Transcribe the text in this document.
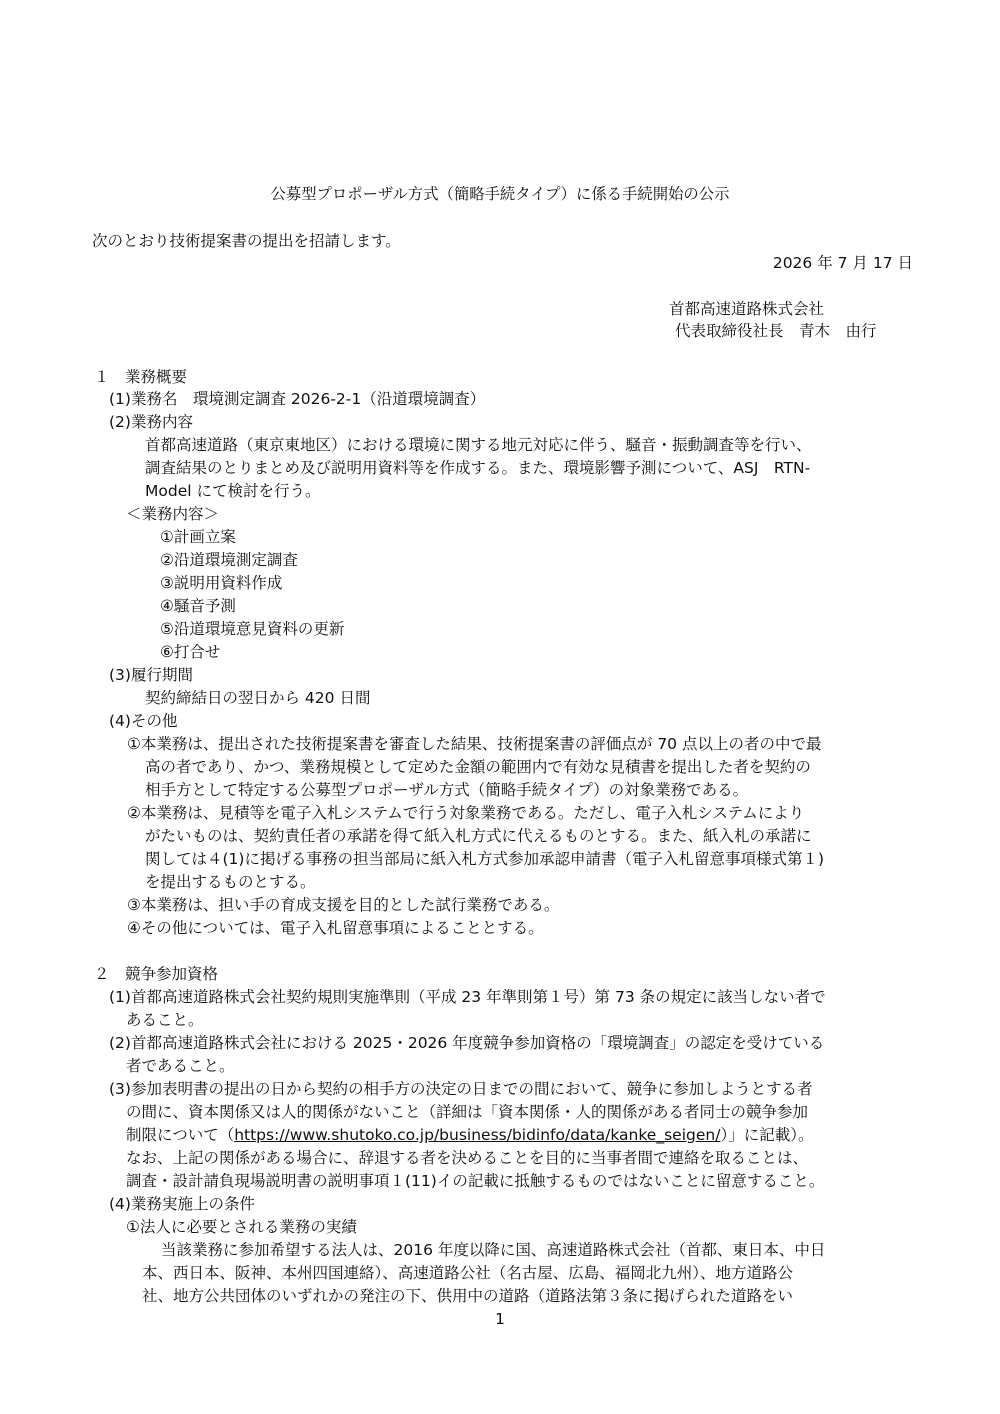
公募型プロポーザル方式（簡略手続タイプ）に係る手続開始の公示
次のとおり技術提案書の提出を招請します。
2026 年 7 月 17 日
首都高速道路株式会社
代表取締役社長　青木　由行
１　業務概要
(1)業務名　環境測定調査 2026-2-1（沿道環境調査）
(2)業務内容
首都高速道路（東京東地区）における環境に関する地元対応に伴う、騒音・振動調査等を行い、
調査結果のとりまとめ及び説明用資料等を作成する。また、環境影響予測について、ASJ　RTN-
Model にて検討を行う。
＜業務内容＞
①計画立案
②沿道環境測定調査
③説明用資料作成
④騒音予測
⑤沿道環境意見資料の更新
⑥打合せ
(3)履行期間
契約締結日の翌日から 420 日間
(4)その他
①本業務は、提出された技術提案書を審査した結果、技術提案書の評価点が 70 点以上の者の中で最
高の者であり、かつ、業務規模として定めた金額の範囲内で有効な見積書を提出した者を契約の
相手方として特定する公募型プロポーザル方式（簡略手続タイプ）の対象業務である。
②本業務は、見積等を電子入札システムで行う対象業務である。ただし、電子入札システムにより
がたいものは、契約責任者の承諾を得て紙入札方式に代えるものとする。また、紙入札の承諾に
関しては４(1)に掲げる事務の担当部局に紙入札方式参加承認申請書（電子入札留意事項様式第１)
を提出するものとする。
③本業務は、担い手の育成支援を目的とした試行業務である。
④その他については、電子入札留意事項によることとする。
２　競争参加資格
(1)首都高速道路株式会社契約規則実施準則（平成 23 年準則第１号）第 73 条の規定に該当しない者で
あること。
(2)首都高速道路株式会社における 2025・2026 年度競争参加資格の「環境調査」の認定を受けている
者であること。
(3)参加表明書の提出の日から契約の相手方の決定の日までの間において、競争に参加しようとする者
の間に、資本関係又は人的関係がないこと（詳細は「資本関係・人的関係がある者同士の競争参加
制限について（https://www.shutoko.co.jp/business/bidinfo/data/kanke_seigen/）」に記載）。
なお、上記の関係がある場合に、辞退する者を決めることを目的に当事者間で連絡を取ることは、
調査・設計請負現場説明書の説明事項１(11)イの記載に抵触するものではないことに留意すること。
(4)業務実施上の条件
①法人に必要とされる業務の実績
当該業務に参加希望する法人は、2016 年度以降に国、高速道路株式会社（首都、東日本、中日
本、西日本、阪神、本州四国連絡）、高速道路公社（名古屋、広島、福岡北九州）、地方道路公
社、地方公共団体のいずれかの発注の下、供用中の道路（道路法第３条に掲げられた道路をい
1
